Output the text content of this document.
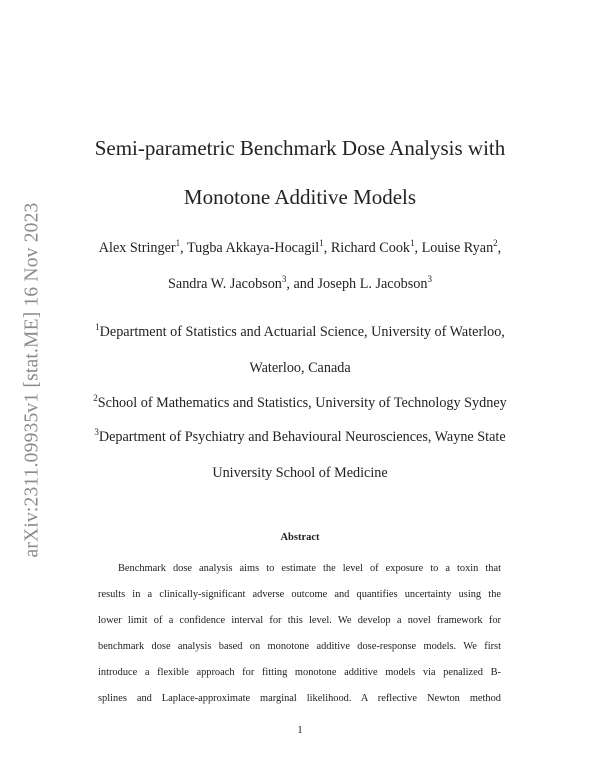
arXiv:2311.09935v1 [stat.ME] 16 Nov 2023
Semi-parametric Benchmark Dose Analysis with
Monotone Additive Models
Alex Stringer$^1$, Tugba Akkaya-Hocagil$^1$, Richard Cook$^1$, Louise Ryan$^2$,
Sandra W. Jacobson$^3$, and Joseph L. Jacobson$^3$
$^1$Department of Statistics and Actuarial Science, University of Waterloo,
Waterloo, Canada
$^2$School of Mathematics and Statistics, University of Technology Sydney
$^3$Department of Psychiatry and Behavioural Neurosciences, Wayne State
University School of Medicine
Abstract
Benchmark dose analysis aims to estimate the level of exposure to a toxin that
results in a clinically-significant adverse outcome and quantifies uncertainty using the
lower limit of a confidence interval for this level. We develop a novel framework for
benchmark dose analysis based on monotone additive dose-response models. We first
introduce a flexible approach for fitting monotone additive models via penalized B-
splines and Laplace-approximate marginal likelihood. A reflective Newton method
1
